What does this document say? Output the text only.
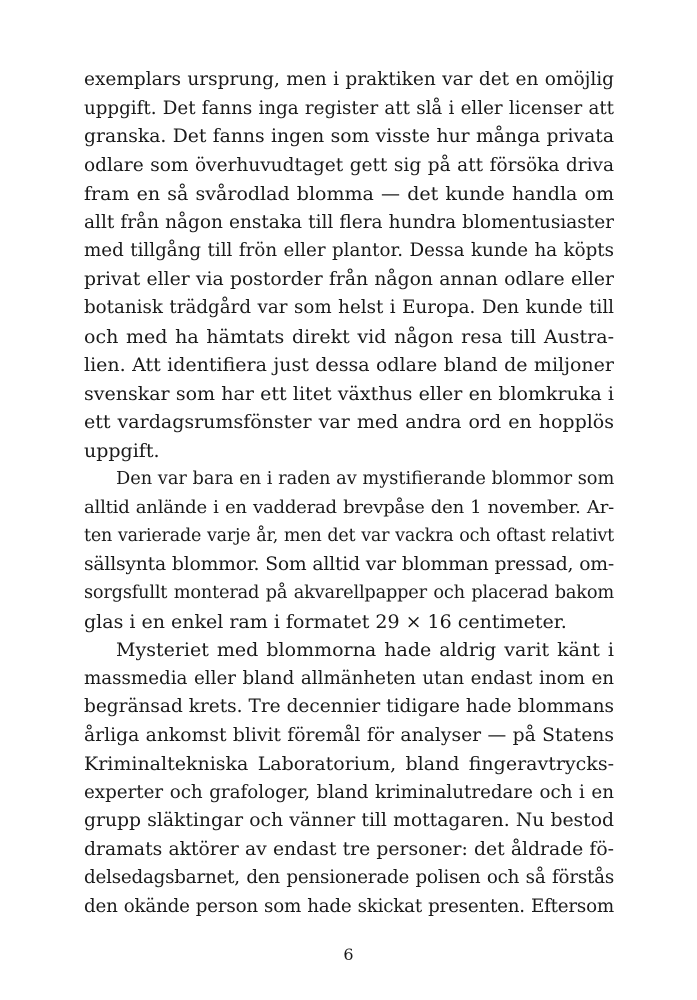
exemplars ursprung, men i praktiken var det en omöjlig
uppgift. Det fanns inga register att slå i eller licenser att
granska. Det fanns ingen som visste hur många privata
odlare som överhuvudtaget gett sig på att försöka driva
fram en så svårodlad blomma — det kunde handla om
allt från någon enstaka till flera hundra blomentusiaster
med tillgång till frön eller plantor. Dessa kunde ha köpts
privat eller via postorder från någon annan odlare eller
botanisk trädgård var som helst i Europa. Den kunde till
och med ha hämtats direkt vid någon resa till Austra-
lien. Att identifiera just dessa odlare bland de miljoner
svenskar som har ett litet växthus eller en blomkruka i
ett vardagsrumsfönster var med andra ord en hopplös
uppgift.
Den var bara en i raden av mystifierande blommor som
alltid anlände i en vadderad brevpåse den 1 november. Ar-
ten varierade varje år, men det var vackra och oftast relativt
sällsynta blommor. Som alltid var blomman pressad, om-
sorgsfullt monterad på akvarellpapper och placerad bakom
glas i en enkel ram i formatet 29 × 16 centimeter.
Mysteriet med blommorna hade aldrig varit känt i
massmedia eller bland allmänheten utan endast inom en
begränsad krets. Tre decennier tidigare hade blommans
årliga ankomst blivit föremål för analyser — på Statens
Kriminaltekniska Laboratorium, bland fingeravtrycks-
experter och grafologer, bland kriminalutredare och i en
grupp släktingar och vänner till mottagaren. Nu bestod
dramats aktörer av endast tre personer: det åldrade fö-
delsedagsbarnet, den pensionerade polisen och så förstås
den okände person som hade skickat presenten. Eftersom
6
